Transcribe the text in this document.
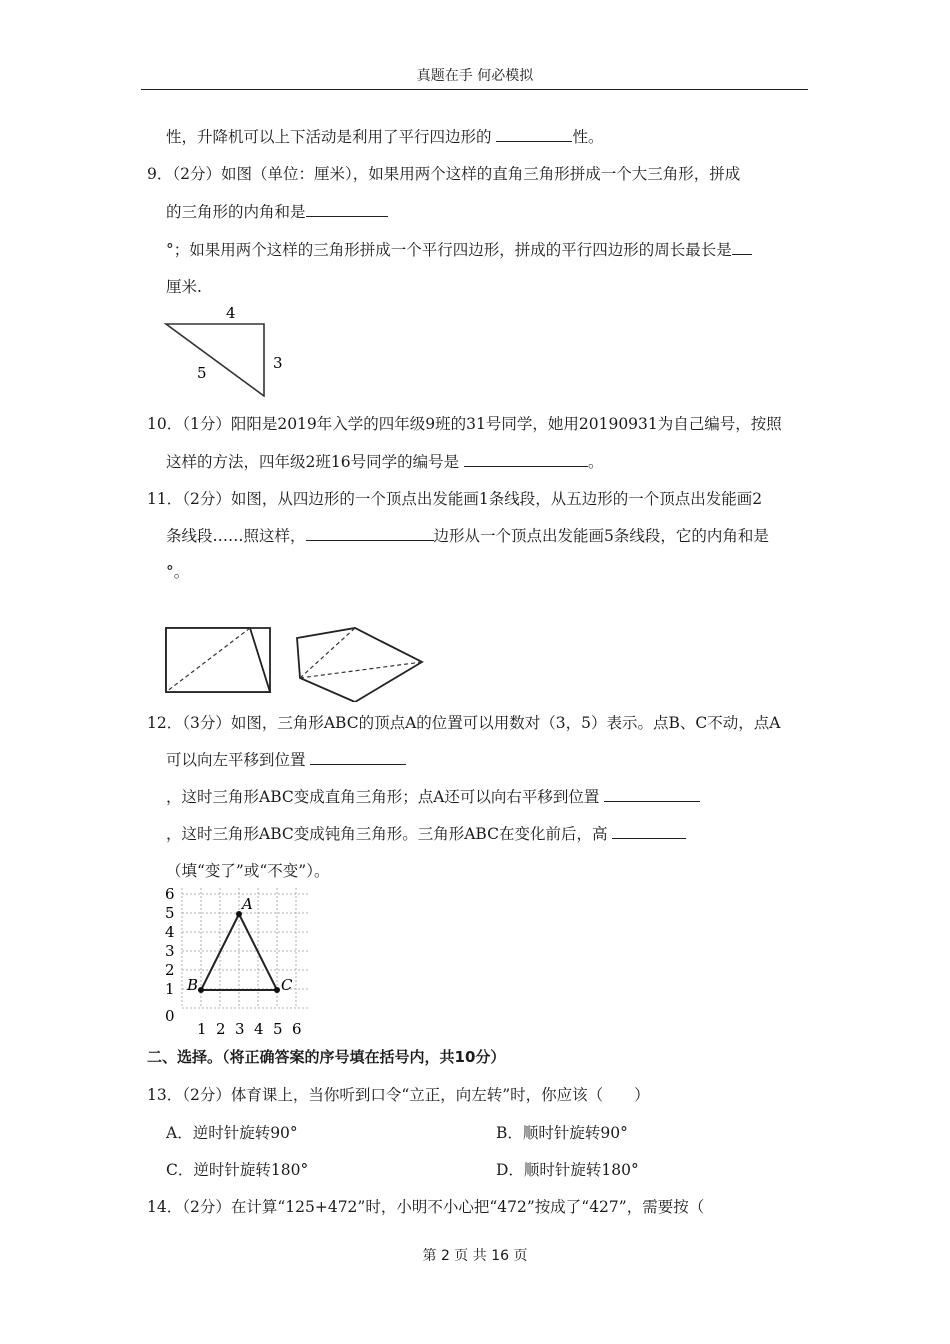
真题在手 何必模拟
性，升降机可以上下活动是利用了平行四边形的	性。
9．（2分）如图（单位：厘米），如果用两个这样的直角三角形拼成一个大三角形，拼成
的三角形的内角和是
°；如果用两个这样的三角形拼成一个平行四边形，拼成的平行四边形的周长最长是
厘米.
4
3
5
10．（1分）阳阳是2019年入学的四年级9班的31号同学，她用20190931为自己编号，按照
这样的方法，四年级2班16号同学的编号是	。
11．（2分）如图，从四边形的一个顶点出发能画1条线段，从五边形的一个顶点出发能画2
条线段……照这样，	边形从一个顶点出发能画5条线段，它的内角和是
°。
12．（3分）如图，三角形ABC的顶点A的位置可以用数对（3，5）表示。点B、C不动，点A
可以向左平移到位置
，这时三角形ABC变成直角三角形；点A还可以向右平移到位置
，这时三角形ABC变成钝角三角形。三角形ABC在变化前后，高
（填“变了”或“不变”）。
6
5
4
3
2
1
0
1 2 3 4 5 6
A
B	C
二、选择。（将正确答案的序号填在括号内，共10分）
13．（2分）体育课上，当你听到口令“立正，向左转”时，你应该（　　）
A．逆时针旋转90°	B．顺时针旋转90°
C．逆时针旋转180°	D．顺时针旋转180°
14．（2分）在计算“125+472”时，小明不小心把“472”按成了“427”，需要按（
第 2 页 共 16 页
